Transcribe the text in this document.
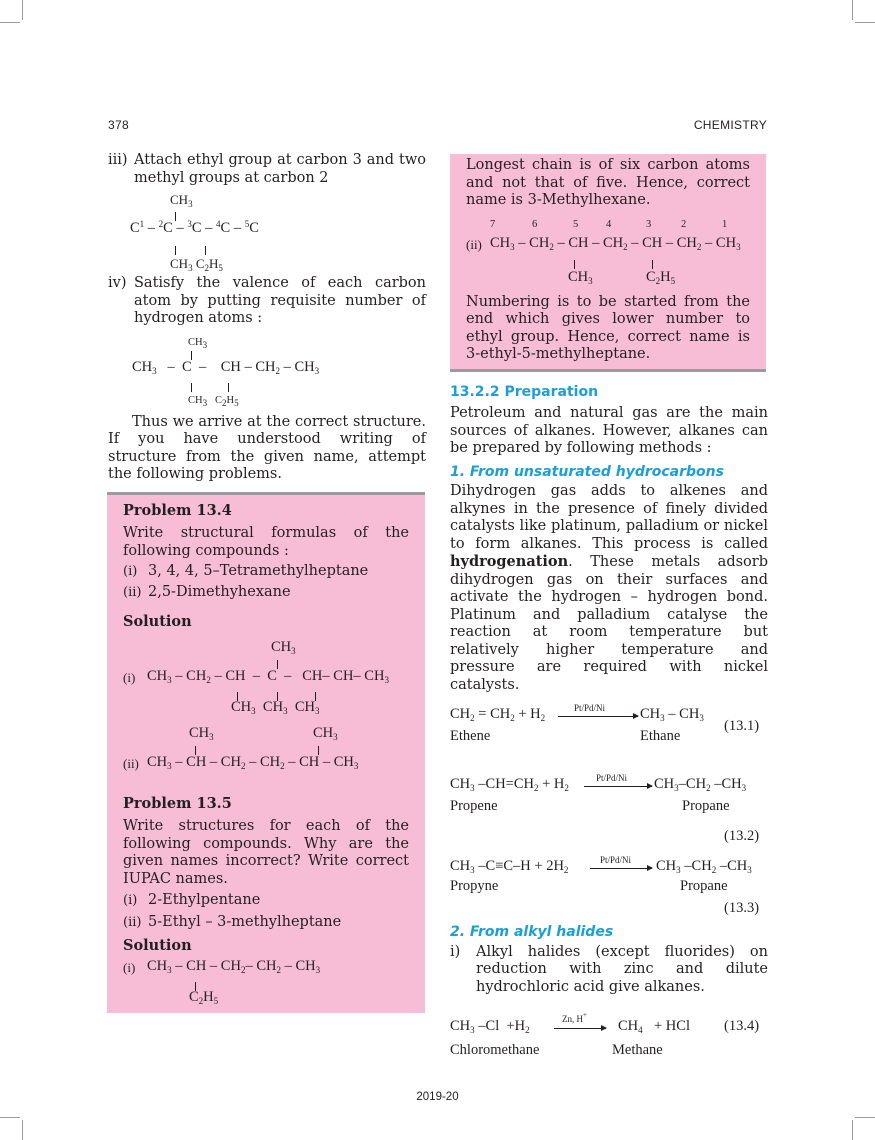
378	CHEMISTRY
iii) Attach ethyl group at carbon 3 and two methyl groups at carbon 2
$CH_3$
$C^1 - ^2C - ^3C - ^4C - ^5C$
$CH_3$ $C_2H_5$
iv) Satisfy the valence of each carbon atom by putting requisite number of hydrogen atoms :
$CH_3$
$CH_3$   –  C  –    CH – $CH_2 - CH_3$
$CH_3$ $C_2H_5$

Thus we arrive at the correct structure. If you have understood writing of structure from the given name, attempt the following problems.

Problem 13.4

Write structural formulas of the following compounds :

(i) 3, 4, 4, 5–Tetramethylheptane
(ii) 2,5-Dimethyhexane
Solution
$CH_3$
(i) $CH_3 - CH_2$ – CH  –  C  –   CH– CH– $CH_3$
$CH_3$  $CH_3$  $CH_3$
$CH_3$	$CH_3$
(ii) $CH_3$ – CH – $CH_2 - CH_2$ – CH – $CH_3$
Problem 13.5

Write structures for each of the following compounds. Why are the given names incorrect? Write correct IUPAC names.

(i) 2-Ethylpentane
(ii) 5-Ethyl – 3-methylheptane
Solution
(i) $CH_3$ – CH – $CH_2-$ $CH_2 - CH_3$
$C_2H_5$

Longest chain is of six carbon atoms and not that of five. Hence, correct name is 3-Methylhexane.

7	6	5	4	3	2	1
(ii) $CH_3 - CH_2$ – CH – $CH_2$ – CH – $CH_2 - CH_3$
$CH_3$	$C_2H_5$

Numbering is to be started from the end which gives lower number to ethyl group. Hence, correct name is 3-ethyl-5-methylheptane.

13.2.2 Preparation

Petroleum and natural gas are the main sources of alkanes. However, alkanes can be prepared by following methods :

1. From unsaturated hydrocarbons

Dihydrogen gas adds to alkenes and alkynes in the presence of finely divided catalysts like platinum, palladium or nickel to form alkanes. This process is called hydrogenation. These metals adsorb dihydrogen gas on their surfaces and activate the hydrogen – hydrogen bond. Platinum and palladium catalyse the reaction at room temperature but relatively higher temperature and pressure are required with nickel catalysts.

$CH_2 = CH_2 + H_2$
Pt/Pd/Ni $CH_3 - CH_3$ (13.1)
Ethene	Ethane
$CH_3$ $-CH=CH_2 + H_2$
Pt/Pd/Ni $CH_3-CH_2$ $-CH_3$
Propene	Propane
(13.2)
$CH_3$ $-C\equiv C-H + 2H_2$
Pt/Pd/Ni $CH_3$ $-CH_2$ $-CH_3$
Propyne	Propane
(13.3)
2. From alkyl halides
i)	Alkyl halides (except fluorides) on reduction with zinc and dilute hydrochloric acid give alkanes.
$CH_3$ $-Cl +H_2$
Zn, H+
→ $CH_4$ + HCl (13.4)
Chloromethane	Methane
2019-20
